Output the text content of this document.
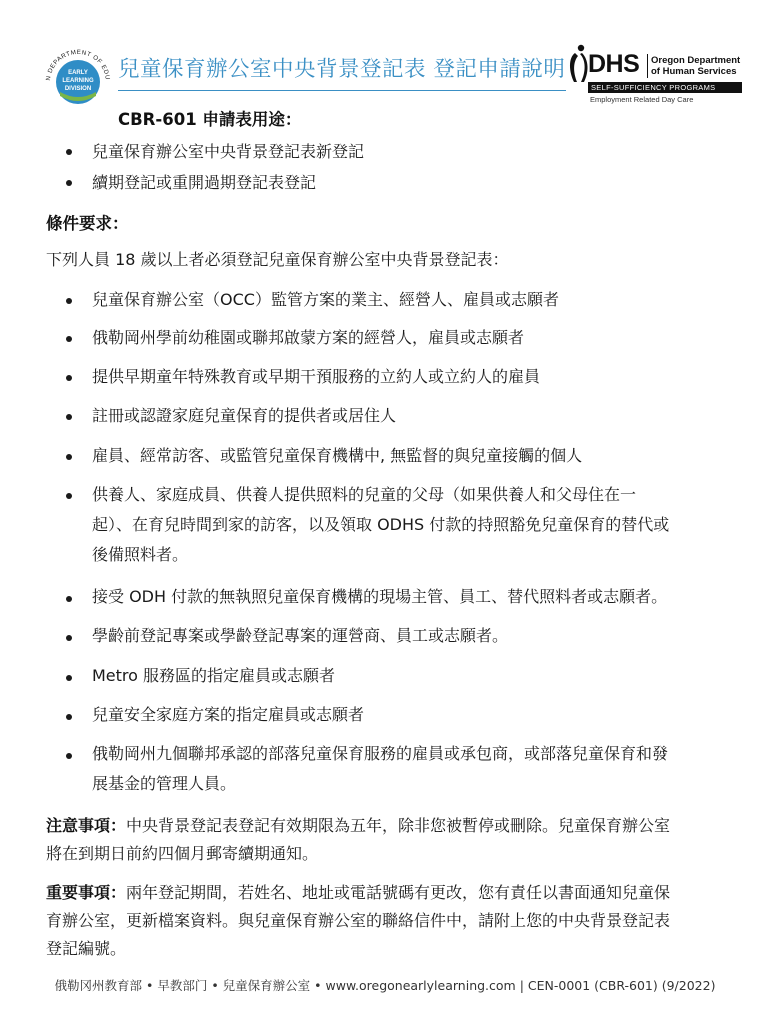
EARLY
LEARNING
DIVISION
N DEPARTMENT OF EDU 兒童保育辦公室中央背景登記表 登記申請說明 DHS Oregon Department
of Human Services
SELF-SUFFICIENCY PROGRAMS
Employment Related Day Care
CBR-601 申請表用途：
兒童保育辦公室中央背景登記表新登記
續期登記或重開過期登記表登記
條件要求：
下列人員 18 歲以上者必須登記兒童保育辦公室中央背景登記表：
兒童保育辦公室（OCC）監管方案的業主、經營人、雇員或志願者
俄勒岡州學前幼稚園或聯邦啟蒙方案的經營人，雇員或志願者
提供早期童年特殊教育或早期干預服務的立約人或立約人的雇員
註冊或認證家庭兒童保育的提供者或居住人
雇員、經常訪客、或監管兒童保育機構中, 無監督的與兒童接觸的個人
供養人、家庭成員、供養人提供照料的兒童的父母（如果供養人和父母住在一
起）、在育兒時間到家的訪客，以及領取 ODHS 付款的持照豁免兒童保育的替代或
後備照料者。
接受 ODH 付款的無執照兒童保育機構的現場主管、員工、替代照料者或志願者。
學齡前登記專案或學齡登記專案的運營商、員工或志願者。
Metro 服務區的指定雇員或志願者
兒童安全家庭方案的指定雇員或志願者
俄勒岡州九個聯邦承認的部落兒童保育服務的雇員或承包商，或部落兒童保育和發
展基金的管理人員。
注意事項：中央背景登記表登記有效期限為五年，除非您被暫停或刪除。兒童保育辦公室
將在到期日前約四個月郵寄續期通知。
重要事項：兩年登記期間，若姓名、地址或電話號碼有更改，您有責任以書面通知兒童保
育辦公室，更新檔案資料。與兒童保育辦公室的聯絡信件中，請附上您的中央背景登記表
登記編號。
俄勒冈州教育部 • 早教部门 • 兒童保育辦公室 • www.oregonearlylearning.com | CEN-0001 (CBR-601) (9/2022)
